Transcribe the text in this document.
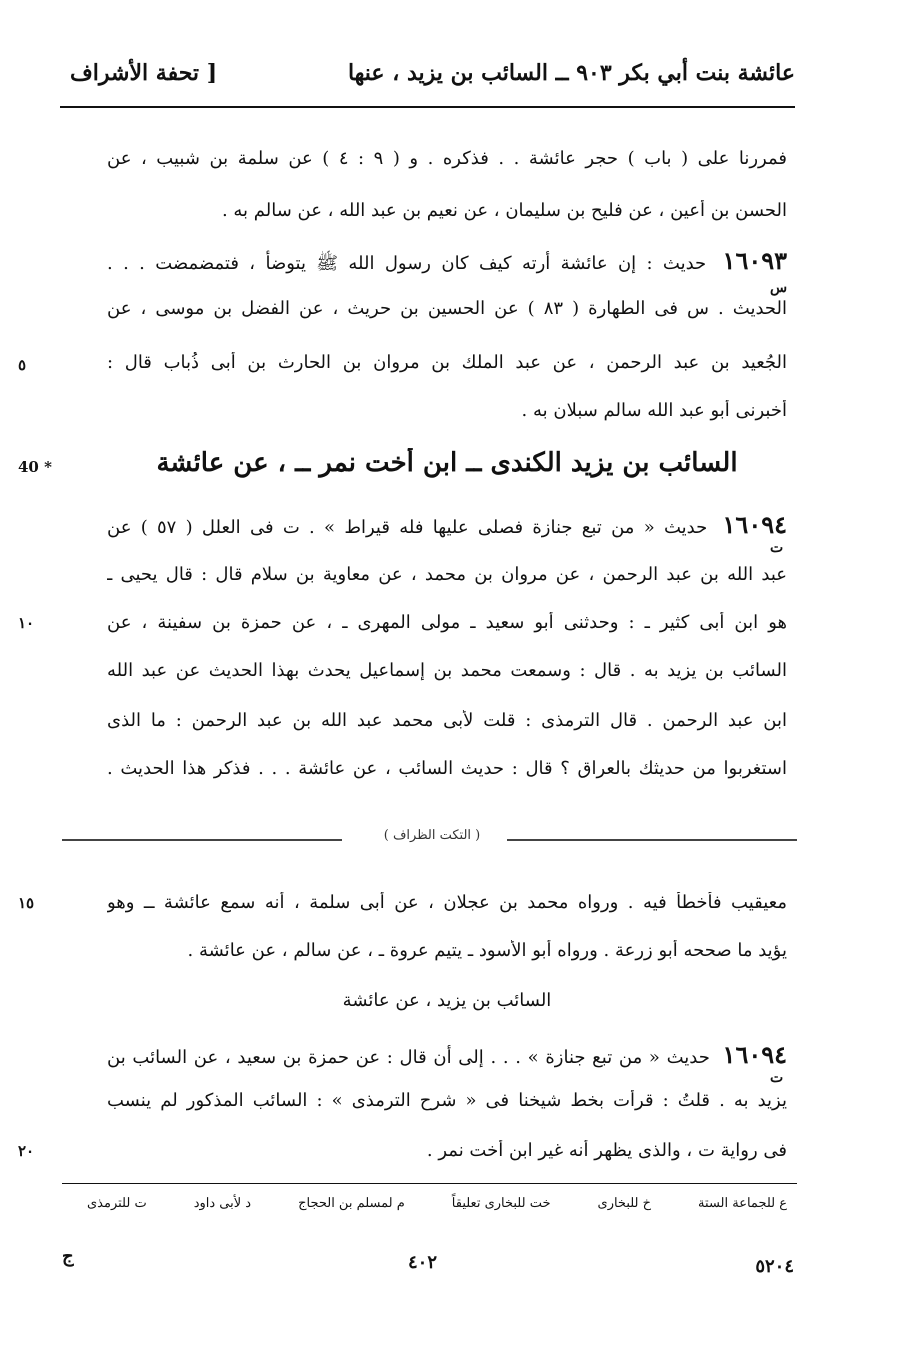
عائشة بنت أبي بكر ٩٠٣ ــ السائب بن يزيد ، عنها
[ تحفة الأشراف
فمررنا على ( باب ) حجر عائشة . . فذكره . و ( ٩ : ٤ ) عن سلمة بن شبيب ، عن
الحسن بن أعين ، عن فليح بن سليمان ، عن نعيم بن عبد الله ، عن سالم به .
١٦٠٩٣ حديث : إن عائشة أرته كيف كان رسول الله ﷺ يتوضأ ، فتمضمضت . . .
الحديث . س فى الطهارة ( ٨٣ ) عن الحسين بن حريث ، عن الفضل بن موسى ، عن
الجُعيد بن عبد الرحمن ، عن عبد الملك بن مروان بن الحارث بن أبى ذُباب قال :
أخبرنى أبو عبد الله سالم سبلان به .
السائب بن يزيد الكندى ــ ابن أخت نمر ــ ، عن عائشة
١٦٠٩٤ حديث « من تبع جنازة فصلى عليها فله قيراط » . ت فى العلل ( ٥٧ ) عن
عبد الله بن عبد الرحمن ، عن مروان بن محمد ، عن معاوية بن سلام قال : قال يحيى ـ
هو ابن أبى كثير ـ : وحدثنى أبو سعيد ـ مولى المهرى ـ ، عن حمزة بن سفينة ، عن
السائب بن يزيد به . قال : وسمعت محمد بن إسماعيل يحدث بهذا الحديث عن عبد الله
ابن عبد الرحمن . قال الترمذى : قلت لأبى محمد عبد الله بن عبد الرحمن : ما الذى
استغربوا من حديثك بالعراق ؟ قال : حديث السائب ، عن عائشة . . . فذكر هذا الحديث .
( التكت الظراف )
معيقيب فأخطأ فيه . ورواه محمد بن عجلان ، عن أبى سلمة ، أنه سمع عائشة ــ وهو
يؤيد ما صححه أبو زرعة . ورواه أبو الأسود ـ يتيم عروة ـ ، عن سالم ، عن عائشة .
السائب بن يزيد ، عن عائشة
١٦٠٩٤ حديث « من تبع جنازة » . . . إلى أن قال : عن حمزة بن سعيد ، عن السائب بن
يزيد به . قلتُ : قرأت بخط شيخنا فى « شرح الترمذى » : السائب المذكور لم ينسب
فى رواية ت ، والذى يظهر أنه غير ابن أخت نمر .
٥
40 *
١٠
١٥
٢٠
س
ت
ت
ع للجماعة الستة
خ للبخارى
خت للبخارى تعليقاً
م لمسلم بن الحجاج
د لأبى داود
ت للترمذى
٥٢٠٤
٤٠٢
ج
